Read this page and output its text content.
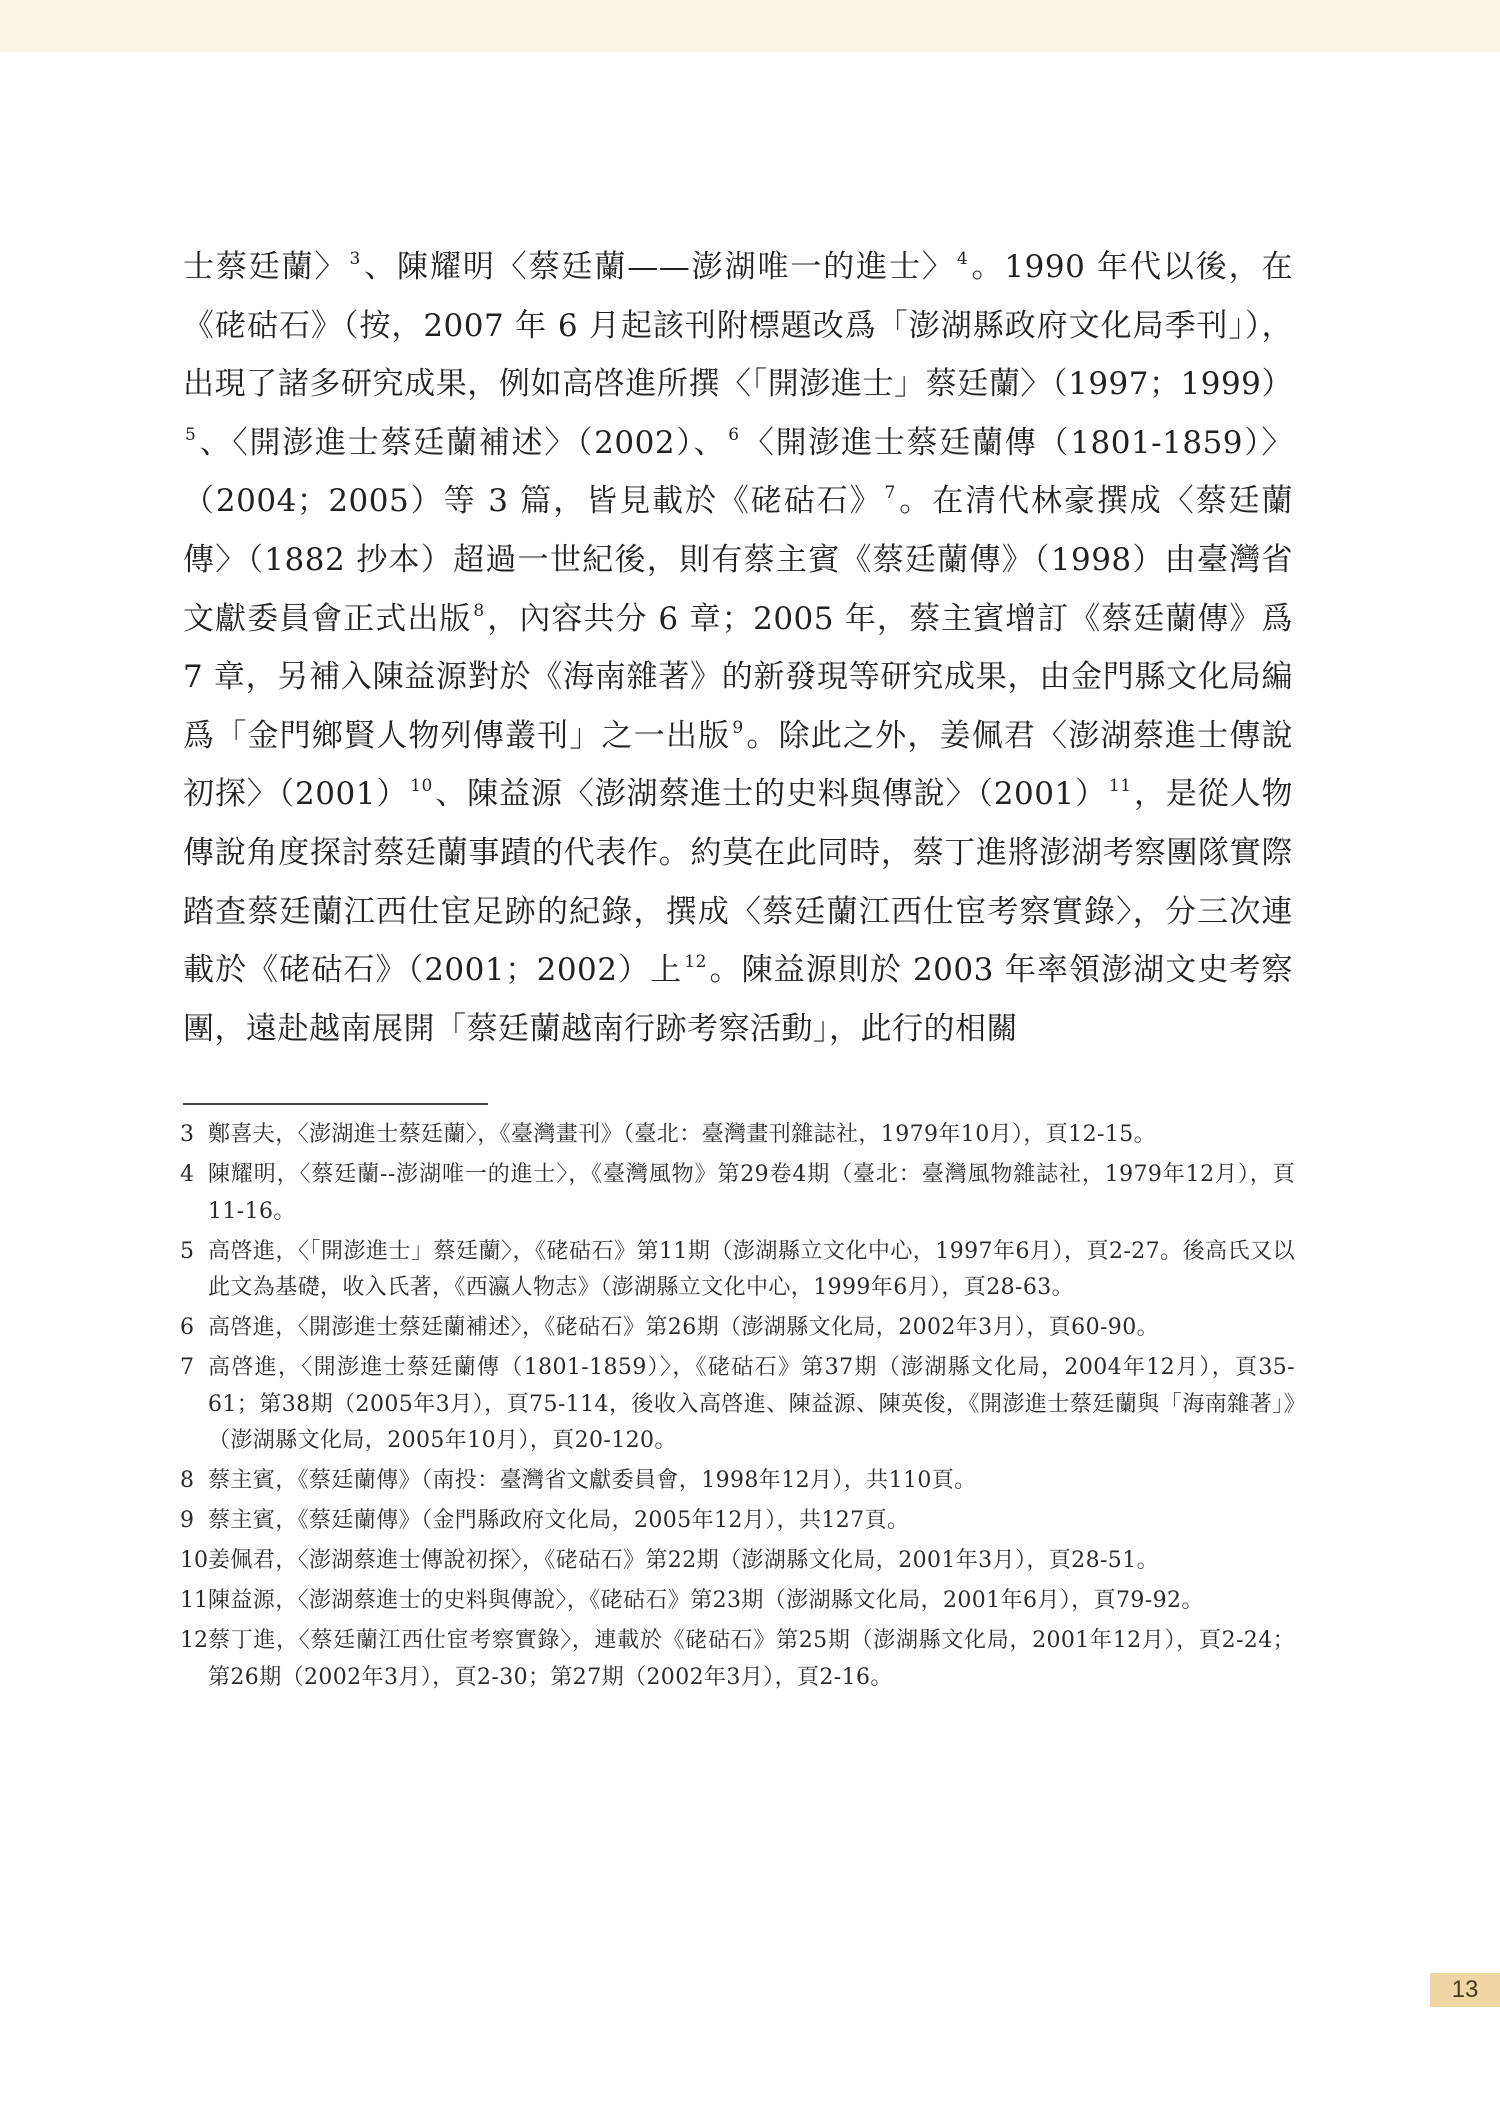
士蔡廷蘭〉 $^3$、陳耀明〈蔡廷蘭——澎湖唯一的進士〉 $^4$。1990 年代以後，在《硓𥑮石》（按，2007 年 6 月起該刊附標題改爲「澎湖縣政府文化局季刊」），出現了諸多研究成果，例如高啓進所撰〈「開澎進士」蔡廷蘭〉（1997；1999）$^5$、〈開澎進士蔡廷蘭補述〉（2002）、 $^6$〈開澎進士蔡廷蘭傳（1801-1859）〉（2004；2005）等 3 篇，皆見載於《硓𥑮石》 $^7$。在清代林豪撰成〈蔡廷蘭傳〉（1882 抄本）超過一世紀後，則有蔡主賓《蔡廷蘭傳》（1998）由臺灣省文獻委員會正式出版 $^8$，內容共分 6 章；2005 年，蔡主賓增訂《蔡廷蘭傳》爲 7 章，另補入陳益源對於《海南雜著》的新發現等研究成果，由金門縣文化局編爲「金門鄉賢人物列傳叢刊」之一出版 $^9$。除此之外，姜佩君〈澎湖蔡進士傳說初探〉（2001） $^{10}$、陳益源〈澎湖蔡進士的史料與傳說〉（2001） $^{11}$，是從人物傳說角度探討蔡廷蘭事蹟的代表作。約莫在此同時，蔡丁進將澎湖考察團隊實際踏查蔡廷蘭江西仕宦足跡的紀錄，撰成〈蔡廷蘭江西仕宦考察實錄〉，分三次連載於《硓𥑮石》（2001；2002）上 $^{12}$。陳益源則於 2003 年率領澎湖文史考察團，遠赴越南展開「蔡廷蘭越南行跡考察活動」，此行的相關

3 鄭喜夫，〈澎湖進士蔡廷蘭〉，《臺灣畫刊》（臺北：臺灣畫刊雜誌社，1979年10月），頁12-15。
4 陳耀明，〈蔡廷蘭--澎湖唯一的進士〉，《臺灣風物》第29卷4期（臺北：臺灣風物雜誌社，1979年12月），頁11-16。
5 高啓進，〈「開澎進士」蔡廷蘭〉，《硓𥑮石》第11期（澎湖縣立文化中心，1997年6月），頁2-27。後高氏又以此文為基礎，收入氏著，《西瀛人物志》（澎湖縣立文化中心，1999年6月），頁28-63。
6 高啓進，〈開澎進士蔡廷蘭補述〉，《硓𥑮石》第26期（澎湖縣文化局，2002年3月），頁60-90。
7 高啓進，〈開澎進士蔡廷蘭傳（1801-1859）〉，《硓𥑮石》第37期（澎湖縣文化局，2004年12月），頁35-61；第38期（2005年3月），頁75-114，後收入高啓進、陳益源、陳英俊，《開澎進士蔡廷蘭與「海南雜著」》（澎湖縣文化局，2005年10月），頁20-120。
8 蔡主賓，《蔡廷蘭傳》（南投：臺灣省文獻委員會，1998年12月），共110頁。
9 蔡主賓，《蔡廷蘭傳》（金門縣政府文化局，2005年12月），共127頁。
10 姜佩君，〈澎湖蔡進士傳說初探〉，《硓𥑮石》第22期（澎湖縣文化局，2001年3月），頁28-51。
11 陳益源，〈澎湖蔡進士的史料與傳說〉，《硓𥑮石》第23期（澎湖縣文化局，2001年6月），頁79-92。
12 蔡丁進，〈蔡廷蘭江西仕宦考察實錄〉，連載於《硓𥑮石》第25期（澎湖縣文化局，2001年12月），頁2-24；第26期（2002年3月），頁2-30；第27期（2002年3月），頁2-16。
13
